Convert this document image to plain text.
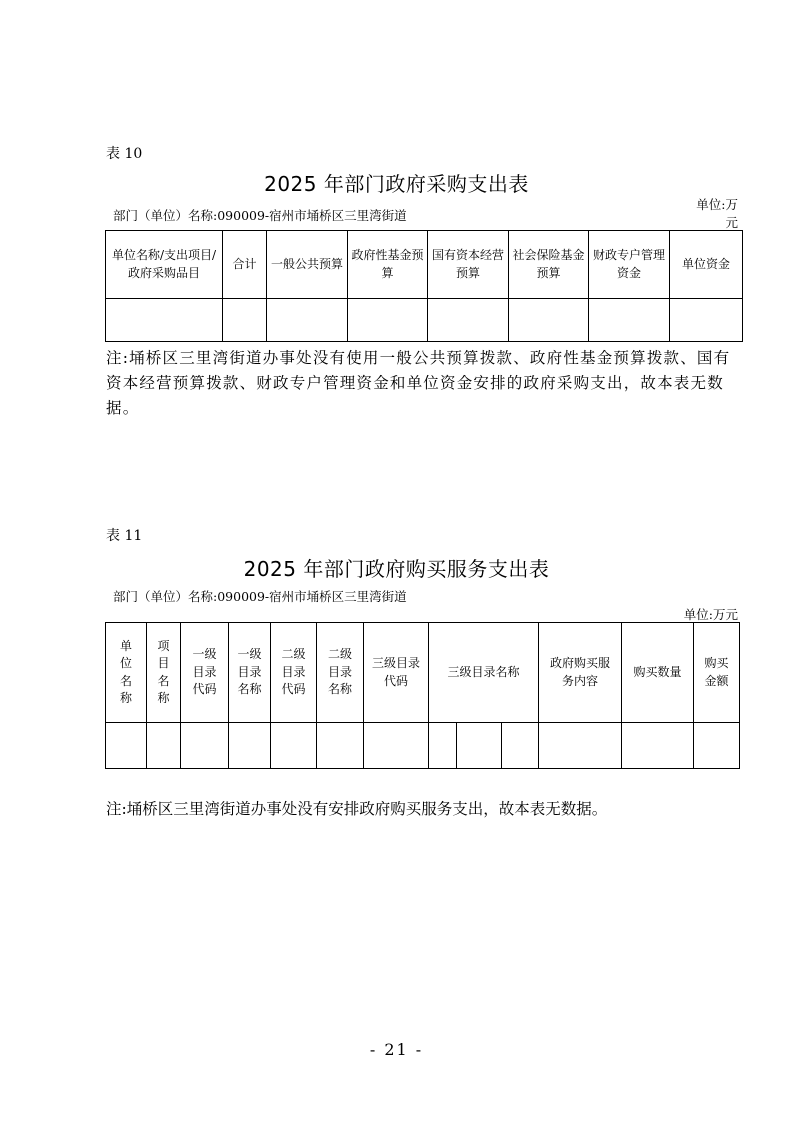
表 10
2025 年部门政府采购支出表
部门（单位）名称:090009-宿州市埇桥区三里湾街道
单位:万
元
单位名称/支出项目/政府采购品目	合计	一般公共预算	政府性基金预算	国有资本经营预算	社会保险基金预算	财政专户管理资金	单位资金

注:埇桥区三里湾街道办事处没有使用一般公共预算拨款、政府性基金预算拨款、国有资本经营预算拨款、财政专户管理资金和单位资金安排的政府采购支出，故本表无数据。
表 11
2025 年部门政府购买服务支出表
部门（单位）名称:090009-宿州市埇桥区三里湾街道
单位:万元
单位名称	项目名称	一级目录代码	一级目录名称	二级目录代码	二级目录名称	三级目录代码	三级目录名称			政府购买服务内容	购买数量	购买金额

注:埇桥区三里湾街道办事处没有安排政府购买服务支出，故本表无数据。
- 21 -
